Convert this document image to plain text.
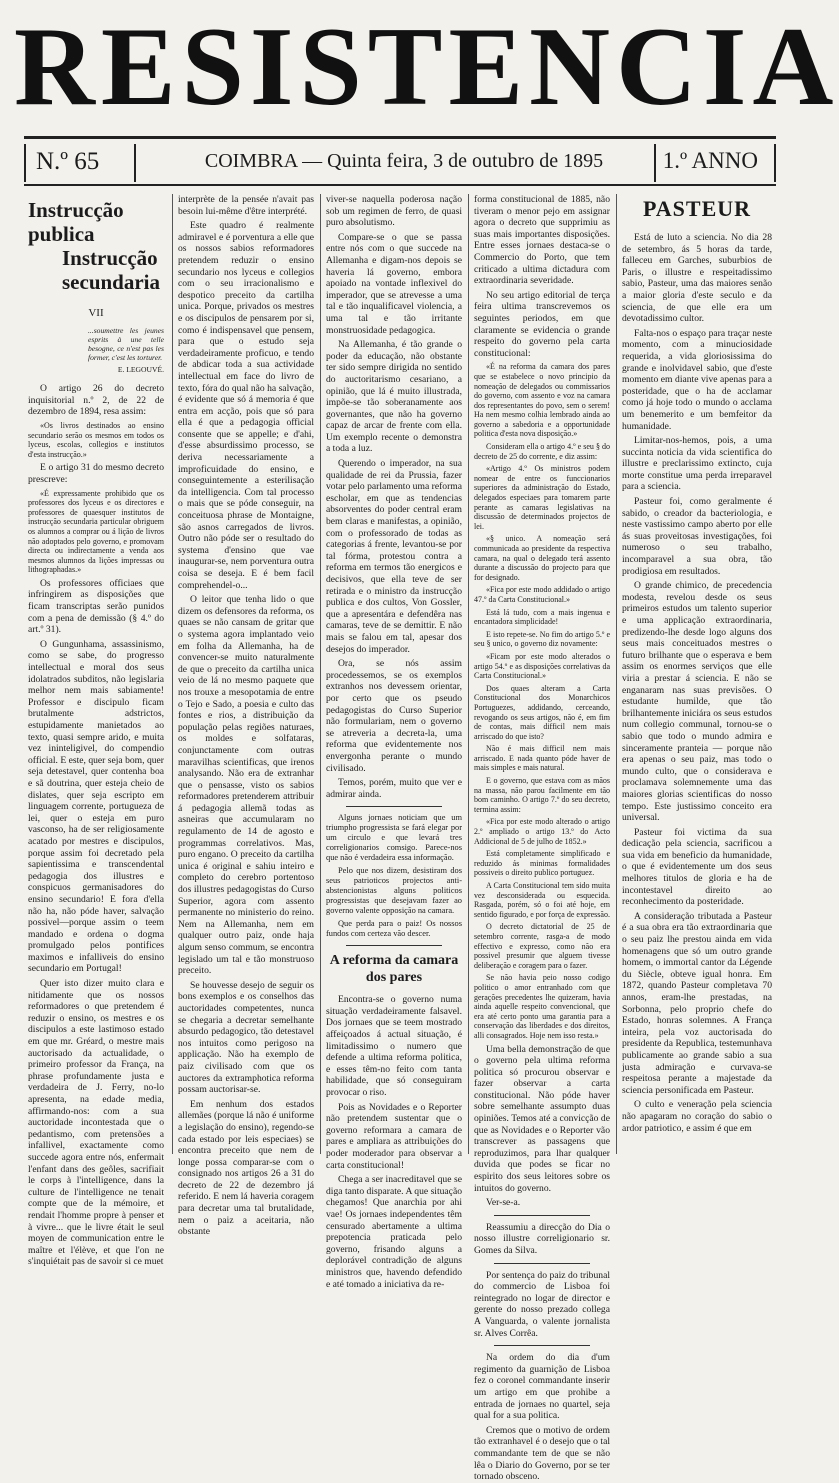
RESISTENCIA
N.º 65	COIMBRA — Quinta feira, 3 de outubro de 1895	1.º ANNO

Instrucção publica

Instrucção secundaria

VII

...soumettre les jeunes esprits à une telle besogne, ce n'est pas les former, c'est les torturer.

E. LEGOUVÉ.

O artigo 26 do decreto inquisitorial n.º 2, de 22 de dezembro de 1894, resa assim:

«Os livros destinados ao ensino secundario serão os mesmos em todos os lyceus, escolas, collegios e institutos d'esta instrucção.»

E o artigo 31 do mesmo decreto prescreve:

«É expressamente prohibido que os professores dos lyceus e os directores e professores de quaesquer institutos de instrucção secundaria particular obriguem os alumnos a comprar ou á lição de livros não adoptados pelo governo, e promovam directa ou indirectamente a venda aos mesmos alumnos da lições impressas ou lithographadas.»

Os professores officiaes que infringirem as disposições que ficam transcriptas serão punidos com a pena de demissão (§ 4.º do art.º 31).

O Gungunhama, assassinismo, como se sabe, do progresso intellectual e moral dos seus idolatrados subditos, não legislaria melhor nem mais sabiamente! Professor e discipulo ficam brutalmente adstrictos, estupidamente manietados ao texto, quasi sempre arido, e muita vez ininteligivel, do compendio official. E este, quer seja bom, quer seja detestavel, quer contenha boa e sã doutrina, quer esteja cheio de dislates, quer seja escripto em linguagem corrente, portugueza de lei, quer o esteja em puro vasconso, ha de ser religiosamente acatado por mestres e discipulos, porque assim foi decretado pela sapientissima e transcendental pedagogia dos illustres e conspicuos germanisadores do ensino secundario! E fora d'ella não ha, não póde haver, salvação possivel—porque assim o teem mandado e ordena o dogma promulgado pelos pontifices maximos e infalliveis do ensino secundario em Portugal!

Quer isto dizer muito clara e nitidamente que os nossos reformadores o que pretendem é reduzir o ensino, os mestres e os discipulos a este lastimoso estado em que mr. Gréard, o mestre mais auctorisado da actualidade, o primeiro professor da França, na phrase profundamente justa e verdadeira de J. Ferry, no-lo apresenta, na edade media, affirmando-nos: com a sua auctoridade incontestada que o pedantismo, com pretensões a infallivel, exactamente como succede agora entre nós, enfermait l'enfant dans des geôles, sacrifiait le corps à l'intelligence, dans la culture de l'intelligence ne tenait compte que de la mémoire, et rendait l'homme propre à penser et à vivre... que le livre était le seul moyen de communication entre le maître et l'élève, et que l'on ne s'inquiétait pas de savoir si ce muet

interprète de la pensée n'avait pas besoin lui-même d'être interprété.

Este quadro é realmente admiravel e é porventura a elle que os nossos sabios reformadores pretendem reduzir o ensino secundario nos lyceus e collegios com o seu irracionalismo e despotico preceito da cartilha unica. Porque, privados os mestres e os discipulos de pensarem por si, como é indispensavel que pensem, para que o estudo seja verdadeiramente proficuo, e tendo de abdicar toda a sua actividade intellectual em face do livro de texto, fóra do qual não ha salvação, é evidente que só á memoria é que entra em acção, pois que só para ella é que a pedagogia official consente que se appelle; e d'ahi, d'esse absurdissimo processo, se deriva necessariamente a improficuidade do ensino, e conseguintemente a esterilisação da intelligencia. Com tal processo o mais que se póde conseguir, na conceituosa phrase de Montaigne, são asnos carregados de livros. Outro não póde ser o resultado do systema d'ensino que vae inaugurar-se, nem porventura outra coisa se deseja. E é bem facil comprehendel-o...

O leitor que tenha lido o que dizem os defensores da reforma, os quaes se não cansam de gritar que o systema agora implantado veio em folha da Allemanha, ha de convencer-se muito naturalmente de que o preceito da cartilha unica veio de lá no mesmo paquete que nos trouxe a mesopotamia de entre o Tejo e Sado, a poesia e culto das fontes e rios, a distribuição da população pelas regiões naturaes, os moldes e solfataras, conjunctamente com outras maravilhas scientificas, que irenos analysando. Não era de extranhar que o pensasse, visto os sabios reformadores pretenderem attribuir á pedagogia allemã todas as asneiras que accumularam no regulamento de 14 de agosto e programmas correlativos. Mas, puro engano. O preceito da cartilha unica é original e sahiu inteiro e completo do cerebro portentoso dos illustres pedagogistas do Curso Superior, agora com assento permanente no ministerio do reino. Nem na Allemanha, nem em qualquer outro paiz, onde haja algum senso commum, se encontra legislado um tal e tão monstruoso preceito.

Se houvesse desejo de seguir os bons exemplos e os conselhos das auctoridades competentes, nunca se chegaria a decretar semelhante absurdo pedagogico, tão detestavel nos intuitos como perigoso na applicação. Não ha exemplo de paiz civilisado com que os auctores da extramphotica reforma possam auctorisar-se.

Em nenhum dos estados allemães (porque lá não é uniforme a legislação do ensino), regendo-se cada estado por leis especiaes) se encontra preceito que nem de longe possa comparar-se com o consignado nos artigos 26 a 31 do decreto de 22 de dezembro já referido. E nem lá haveria coragem para decretar uma tal brutalidade, nem o paiz a aceitaria, não obstante

viver-se naquella poderosa nação sob um regimen de ferro, de quasi puro absolutismo.

Compare-se o que se passa entre nós com o que succede na Allemanha e digam-nos depois se haveria lá governo, embora apoiado na vontade inflexivel do imperador, que se atrevesse a uma tal e tão inqualificavel violencia, a uma tal e tão irritante monstruosidade pedagogica.

Na Allemanha, é tão grande o poder da educação, não obstante ter sido sempre dirigida no sentido do auctoritarismo cesariano, a opinião, que lá é muito illustrada, impõe-se tão soberanamente aos governantes, que não ha governo capaz de arcar de frente com ella. Um exemplo recente o demonstra a toda a luz.

Querendo o imperador, na sua qualidade de rei da Prussia, fazer votar pelo parlamento uma reforma escholar, em que as tendencias absorventes do poder central eram bem claras e manifestas, a opinião, com o professorado de todas as categorias á frente, levantou-se por tal fórma, protestou contra a reforma em termos tão energicos e decisivos, que ella teve de ser retirada e o ministro da instrucção publica e dos cultos, Von Gossler, que a apresentára e defendêra nas camaras, teve de se demittir. E não mais se falou em tal, apesar dos desejos do imperador.

Ora, se nós assim procedessemos, se os exemplos extranhos nos devessem orientar, por certo que os pseudo pedagogistas do Curso Superior não formulariam, nem o governo se atreveria a decreta-la, uma reforma que evidentemente nos envergonha perante o mundo civilisado.

Temos, porém, muito que ver e admirar ainda.

Alguns jornaes noticiam que um triumpho progressista se fará elegar por um circulo e que levará tres correligionarios comsigo. Parece-nos que não é verdadeira essa informação.

Pelo que nos dizem, desistiram dos seus patrioticos projectos anti-abstencionistas alguns politicos progressistas que desejavam fazer ao governo valente opposição na camara.

Que perda para o paiz! Os nossos fundos com certeza vão descer.

A reforma da camara dos pares

Encontra-se o governo numa situação verdadeiramente falsavel. Dos jornaes que se teem mostrado affeiçoados á actual situação, é limitadissimo o numero que defende a ultima reforma politica, e esses têm-no feito com tanta habilidade, que só conseguiram provocar o riso.

Pois as Novidades e o Reporter não pretendem sustentar que o governo reformara a camara de pares e ampliara as attribuições do poder moderador para observar a carta constitucional!

Chega a ser inacreditavel que se diga tanto disparate. A que situação chegamos! Que anarchia por ahi vae! Os jornaes independentes têm censurado abertamente a ultima prepotencia praticada pelo governo, frisando alguns a deplorável contradição de alguns ministros que, havendo defendido e até tomado a iniciativa da re-

forma constitucional de 1885, não tiveram o menor pejo em assignar agora o decreto que supprimiu as suas mais importantes disposições. Entre esses jornaes destaca-se o Commercio do Porto, que tem criticado a ultima dictadura com extraordinaria severidade.

No seu artigo editorial de terça feira ultima transcrevemos os seguintes periodos, em que claramente se evidencia o grande respeito do governo pela carta constitucional:

«É na reforma da camara dos pares que se estabelece o novo principio da nomeação de delegados ou commissarios do governo, com assento e voz na camara dos representantes do povo, sem o serem! Ha nem mesmo colhia lembrado ainda ao governo a sabedoria e a opportunidade politica d'esta nova disposição.»

Consideram ella o artigo 4.º e seu § do decreto de 25 do corrente, e diz assim:

«Artigo 4.º Os ministros podem nomear de entre os funccionarios superiores da administração do Estado, delegados especiaes para tomarem parte perante as camaras legislativas na discussão de determinados projectos de lei.

«§ unico. A nomeação será communicada ao presidente da respectiva camara, na qual o delegado terá assento durante a discussão do projecto para que for designado.

«Fica por este modo addidado o artigo 47.º da Carta Constitucional.»

Está lá tudo, com a mais ingenua e encantadora simplicidade!

E isto repete-se. No fim do artigo 5.º e seu § unico, o governo diz novamente:

«Ficam por este modo alterados o artigo 54.º e as disposições correlativas da Carta Constitucional.»

Dos quaes alteram a Carta Constitucional dos Monarchicos Portuguezes, addidando, cerceando, revogando os seus artigos, não é, em fim de contas, mais difficil nem mais arriscado do que isto?

Não é mais difficil nem mais arriscado. E nada quanto póde haver de mais simples e mais natural.

E o governo, que estava com as mãos na massa, não parou facilmente em tão bom caminho. O artigo 7.º do seu decreto, termina assim:

«Fica por este modo alterado o artigo 2.º ampliado o artigo 13.º do Acto Addicional de 5 de julho de 1852.»

Está completamente simplificado e reduzido ás minimas formalidades possiveis o direito publico portuguez.

A Carta Constitucional tem sido muita vez desconsiderada ou esquecida. Rasgada, porém, só o foi até hoje, em sentido figurado, e por força de expressão.

O decreto dictatorial de 25 de setembro corrente, rasga-a de modo effectivo e expresso, como não era possivel presumir que alguem tivesse deliberação e coragem para o fazer.

Se não havia peio nosso codigo politico o amor entranhado com que gerações precedentes lhe quizeram, havia ainda aquelle respeito convencional, que era até certo ponto uma garantia para a conservação das liberdades e dos direitos, alli consagrados. Hoje nem isso resta.»

Uma bella demonstração de que o governo pela ultima reforma politica só procurou observar e fazer observar a carta constitucional. Não póde haver sobre semelhante assumpto duas opiniões. Temos até a convicção de que as Novidades e o Reporter vão transcrever as passagens que reproduzimos, para lhar qualquer duvida que podes se ficar no espirito dos seus leitores sobre os intuitos do governo.

Ver-se-a.

Reassumiu a direcção do Dia o nosso illustre correligionario sr. Gomes da Silva.

Por sentença do paiz do tribunal do commercio de Lisboa foi reintegrado no logar de director e gerente do nosso prezado collega A Vanguarda, o valente jornalista sr. Alves Corrêa.

Na ordem do dia d'um regimento da guarnição de Lisboa fez o coronel commandante inserir um artigo em que prohibe a entrada de jornaes no quartel, seja qual for a sua politica.

Cremos que o motivo de ordem tão extranhavel é o desejo que o tal commandante tem de que se não lêa o Diario do Governo, por se ter tornado obsceno.

PASTEUR

Está de luto a sciencia. No dia 28 de setembro, ás 5 horas da tarde, falleceu em Garches, suburbios de Paris, o illustre e respeitadissimo sabio, Pasteur, uma das maiores senão a maior gloria d'este seculo e da sciencia, de que elle era um devotadissimo cultor.

Falta-nos o espaço para traçar neste momento, com a minuciosidade requerida, a vida gloriosissima do grande e inolvidavel sabio, que d'este momento em diante vive apenas para a posteridade, que o ha de acclamar como já hoje todo o mundo o acclama um benemerito e um bemfeitor da humanidade.

Limitar-nos-hemos, pois, a uma succinta noticia da vida scientifica do illustre e preclarissimo extincto, cuja morte constitue uma perda irreparavel para a sciencia.

Pasteur foi, como geralmente é sabido, o creador da bacteriologia, e neste vastissimo campo aberto por elle ás suas proveitosas investigações, foi numeroso o seu trabalho, incomparavel a sua obra, tão prodigiosa em resultados.

O grande chimico, de precedencia modesta, revelou desde os seus primeiros estudos um talento superior e uma applicação extraordinaria, predizendo-lhe desde logo alguns dos seus mais conceituados mestres o futuro brilhante que o esperava e bem assim os enormes serviços que elle viria a prestar á sciencia. E não se enganaram nas suas previsões. O estudante humilde, que tão brilhantemente iniciára os seus estudos num collegio communal, tornou-se o sabio que todo o mundo admira e sinceramente pranteia — porque não era apenas o seu paiz, mas todo o mundo culto, que o considerava e proclamava solemnemente uma das maiores glorias scientificas do nosso tempo. Este justissimo conceito era universal.

Pasteur foi victima da sua dedicação pela sciencia, sacrificou a sua vida em beneficio da humanidade, o que é evidentemente um dos seus melhores titulos de gloria e ha de incontestavel direito ao reconhecimento da posteridade.

A consideração tributada a Pasteur é a sua obra era tão extraordinaria que o seu paiz lhe prestou ainda em vida homenagens que só um outro grande homem, o immortal cantor da Légende du Siècle, obteve igual honra. Em 1872, quando Pasteur completava 70 annos, eram-lhe prestadas, na Sorbonna, pelo proprio chefe do Estado, honras solemnes. A França inteira, pela voz auctorisada do presidente da Republica, testemunhava publicamente ao grande sabio a sua justa admiração e curvava-se respeitosa perante a majestade da sciencia personificada em Pasteur.

O culto e veneração pela sciencia não apagaram no coração do sabio o ardor patriotico, e assim é que em
